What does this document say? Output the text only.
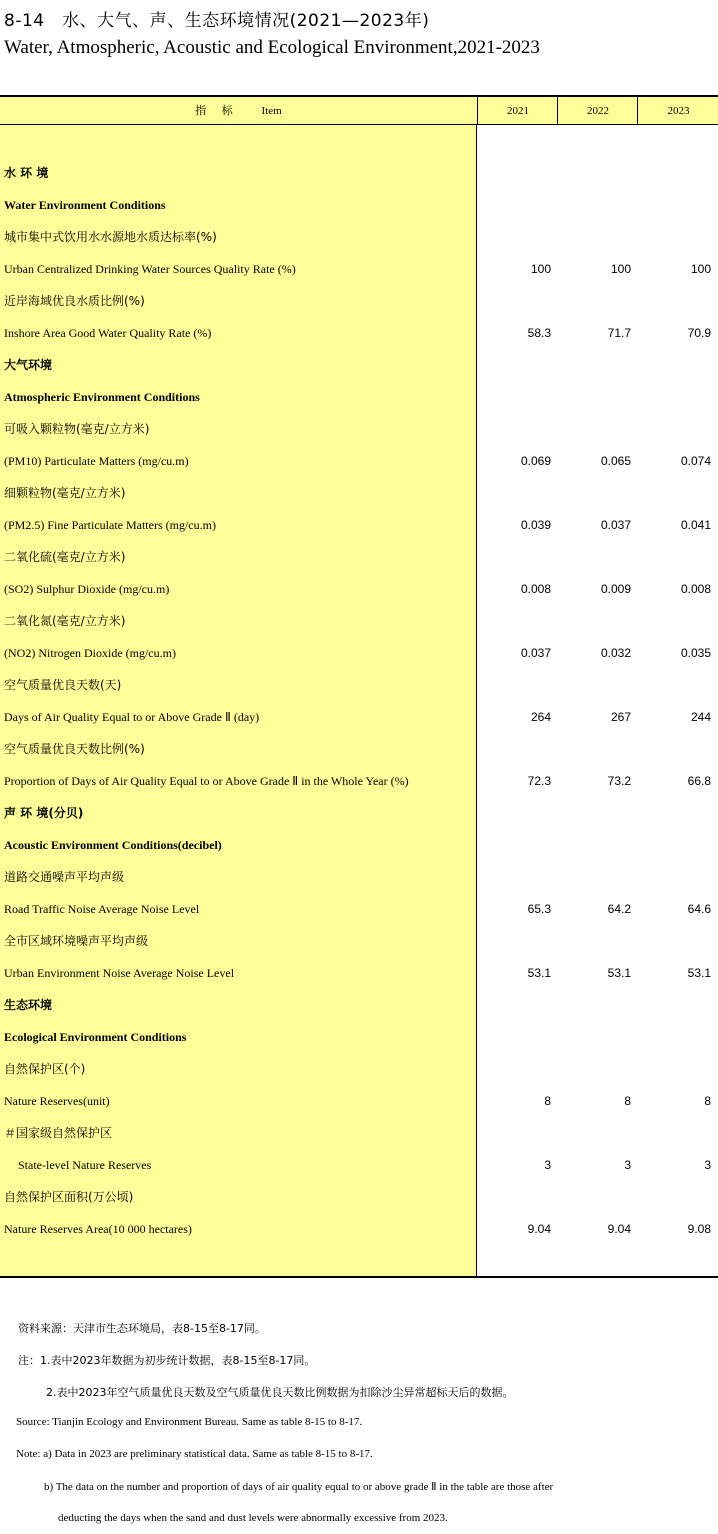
8-14　水、大气、声、生态环境情况(2021—2023年)
Water, Atmospheric, Acoustic and Ecological Environment,2021-2023
指 标 Item	2021	2022	2023
水 环 境
Water Environment Conditions
城市集中式饮用水水源地水质达标率(%)
Urban Centralized Drinking Water Sources Quality Rate (%)	100	100	100
近岸海域优良水质比例(%)
Inshore Area Good Water Quality Rate (%)	58.3	71.7	70.9
大气环境
Atmospheric Environment Conditions
可吸入颗粒物(毫克/立方米)
(PM10) Particulate Matters (mg/cu.m)	0.069	0.065	0.074
细颗粒物(毫克/立方米)
(PM2.5) Fine Particulate Matters (mg/cu.m)	0.039	0.037	0.041
二氧化硫(毫克/立方米)
(SO2) Sulphur Dioxide (mg/cu.m)	0.008	0.009	0.008
二氧化氮(毫克/立方米)
(NO2) Nitrogen Dioxide (mg/cu.m)	0.037	0.032	0.035
空气质量优良天数(天)
Days of Air Quality Equal to or Above Grade Ⅱ (day)	264	267	244
空气质量优良天数比例(%)
Proportion of Days of Air Quality Equal to or Above Grade Ⅱ in the Whole Year (%)	72.3	73.2	66.8
声 环 境(分贝)
Acoustic Environment Conditions(decibel)
道路交通噪声平均声级
Road Traffic Noise Average Noise Level	65.3	64.2	64.6
全市区域环境噪声平均声级
Urban Environment Noise Average Noise Level	53.1	53.1	53.1
生态环境
Ecological Environment Conditions
自然保护区(个)
Nature Reserves(unit)	8	8	8
＃国家级自然保护区
State-level Nature Reserves	3	3	3
自然保护区面积(万公顷)
Nature Reserves Area(10 000 hectares)	9.04	9.04	9.08
资料来源：天津市生态环境局，表8-15至8-17同。
注：1.表中2023年数据为初步统计数据，表8-15至8-17同。
2.表中2023年空气质量优良天数及空气质量优良天数比例数据为扣除沙尘异常超标天后的数据。
Source: Tianjin Ecology and Environment Bureau. Same as table 8-15 to 8-17.
Note: a) Data in 2023 are preliminary statistical data. Same as table 8-15 to 8-17.
b) The data on the number and proportion of days of air quality equal to or above grade Ⅱ in the table are those after
deducting the days when the sand and dust levels were abnormally excessive from 2023.
